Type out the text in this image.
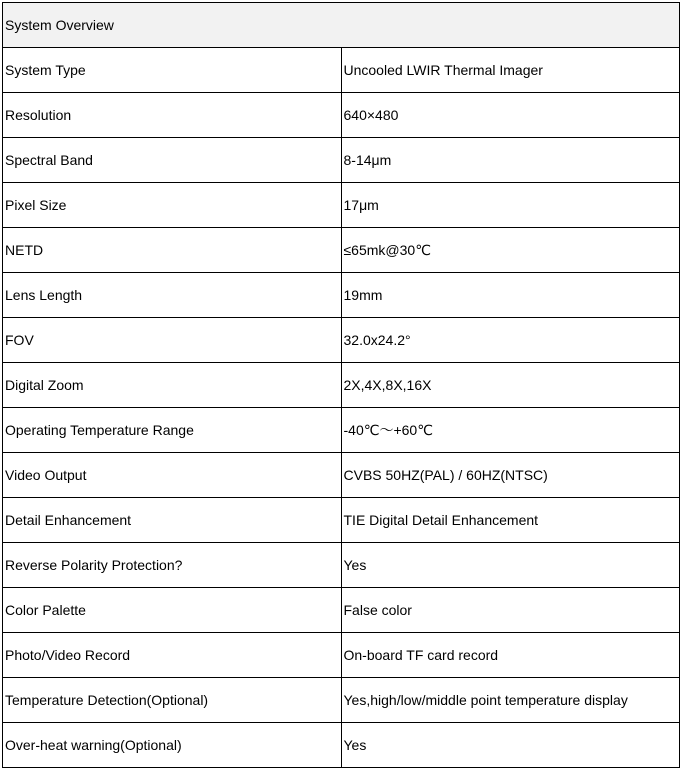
System Overview	
System Type	Uncooled LWIR Thermal Imager
Resolution	640×480
Spectral Band	8-14μm
Pixel Size	17μm
NETD	≤65mk@30℃
Lens Length	19mm
FOV	32.0x24.2°
Digital Zoom	2X,4X,8X,16X
Operating Temperature Range	-40℃～+60℃
Video Output	CVBS 50HZ(PAL) / 60HZ(NTSC)
Detail Enhancement	TIE Digital Detail Enhancement
Reverse Polarity Protection?	Yes
Color Palette	False color
Photo/Video Record	On-board TF card record
Temperature Detection(Optional)	Yes,high/low/middle point temperature display
Over-heat warning(Optional)	Yes
